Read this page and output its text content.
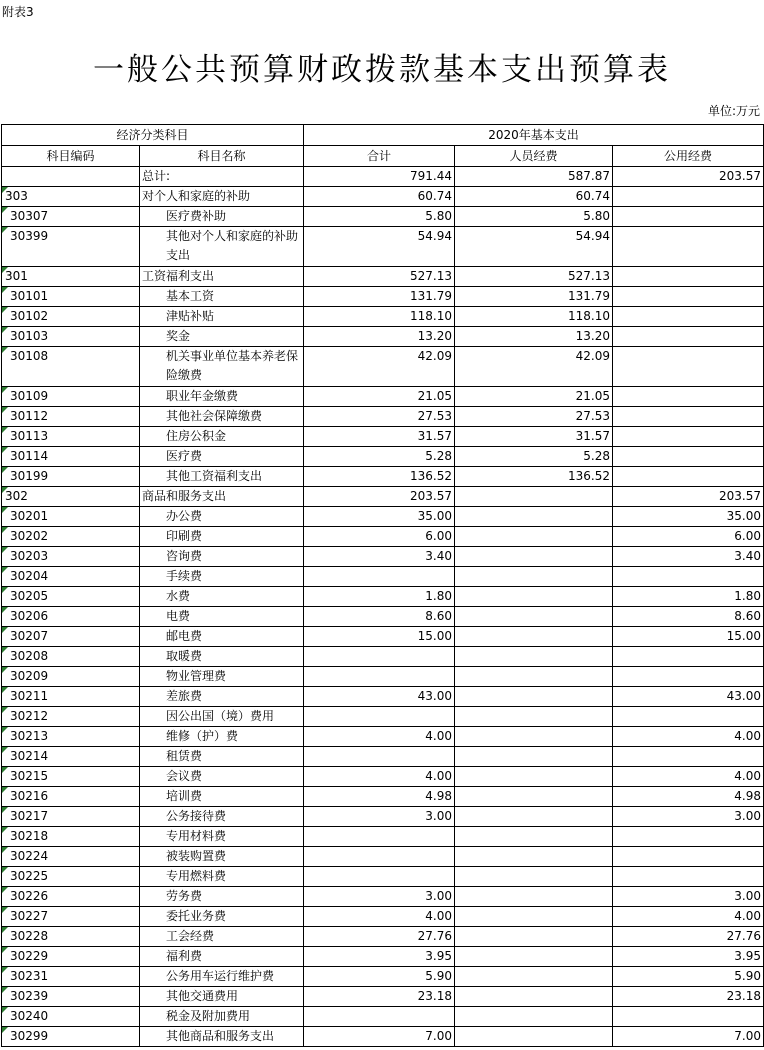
附表3
一般公共预算财政拨款基本支出预算表
单位:万元
经济分类科目		2020年基本支出		
科目编码	科目名称	合计	人员经费	公用经费
	总计:	791.44	587.87	203.57
303	对个人和家庭的补助	60.74	60.74	
30307	医疗费补助	5.80	5.80	
30399	其他对个人和家庭的补助支出	54.94	54.94	
301	工资福利支出	527.13	527.13	
30101	基本工资	131.79	131.79	
30102	津贴补贴	118.10	118.10	
30103	奖金	13.20	13.20	
30108	机关事业单位基本养老保险缴费	42.09	42.09	
30109	职业年金缴费	21.05	21.05	
30112	其他社会保障缴费	27.53	27.53	
30113	住房公积金	31.57	31.57	
30114	医疗费	5.28	5.28	
30199	其他工资福利支出	136.52	136.52	
302	商品和服务支出	203.57		203.57
30201	办公费	35.00		35.00
30202	印刷费	6.00		6.00
30203	咨询费	3.40		3.40
30204	手续费			
30205	水费	1.80		1.80
30206	电费	8.60		8.60
30207	邮电费	15.00		15.00
30208	取暖费			
30209	物业管理费			
30211	差旅费	43.00		43.00
30212	因公出国（境）费用			
30213	维修（护）费	4.00		4.00
30214	租赁费			
30215	会议费	4.00		4.00
30216	培训费	4.98		4.98
30217	公务接待费	3.00		3.00
30218	专用材料费			
30224	被装购置费			
30225	专用燃料费			
30226	劳务费	3.00		3.00
30227	委托业务费	4.00		4.00
30228	工会经费	27.76		27.76
30229	福利费	3.95		3.95
30231	公务用车运行维护费	5.90		5.90
30239	其他交通费用	23.18		23.18
30240	税金及附加费用			
30299	其他商品和服务支出	7.00		7.00
